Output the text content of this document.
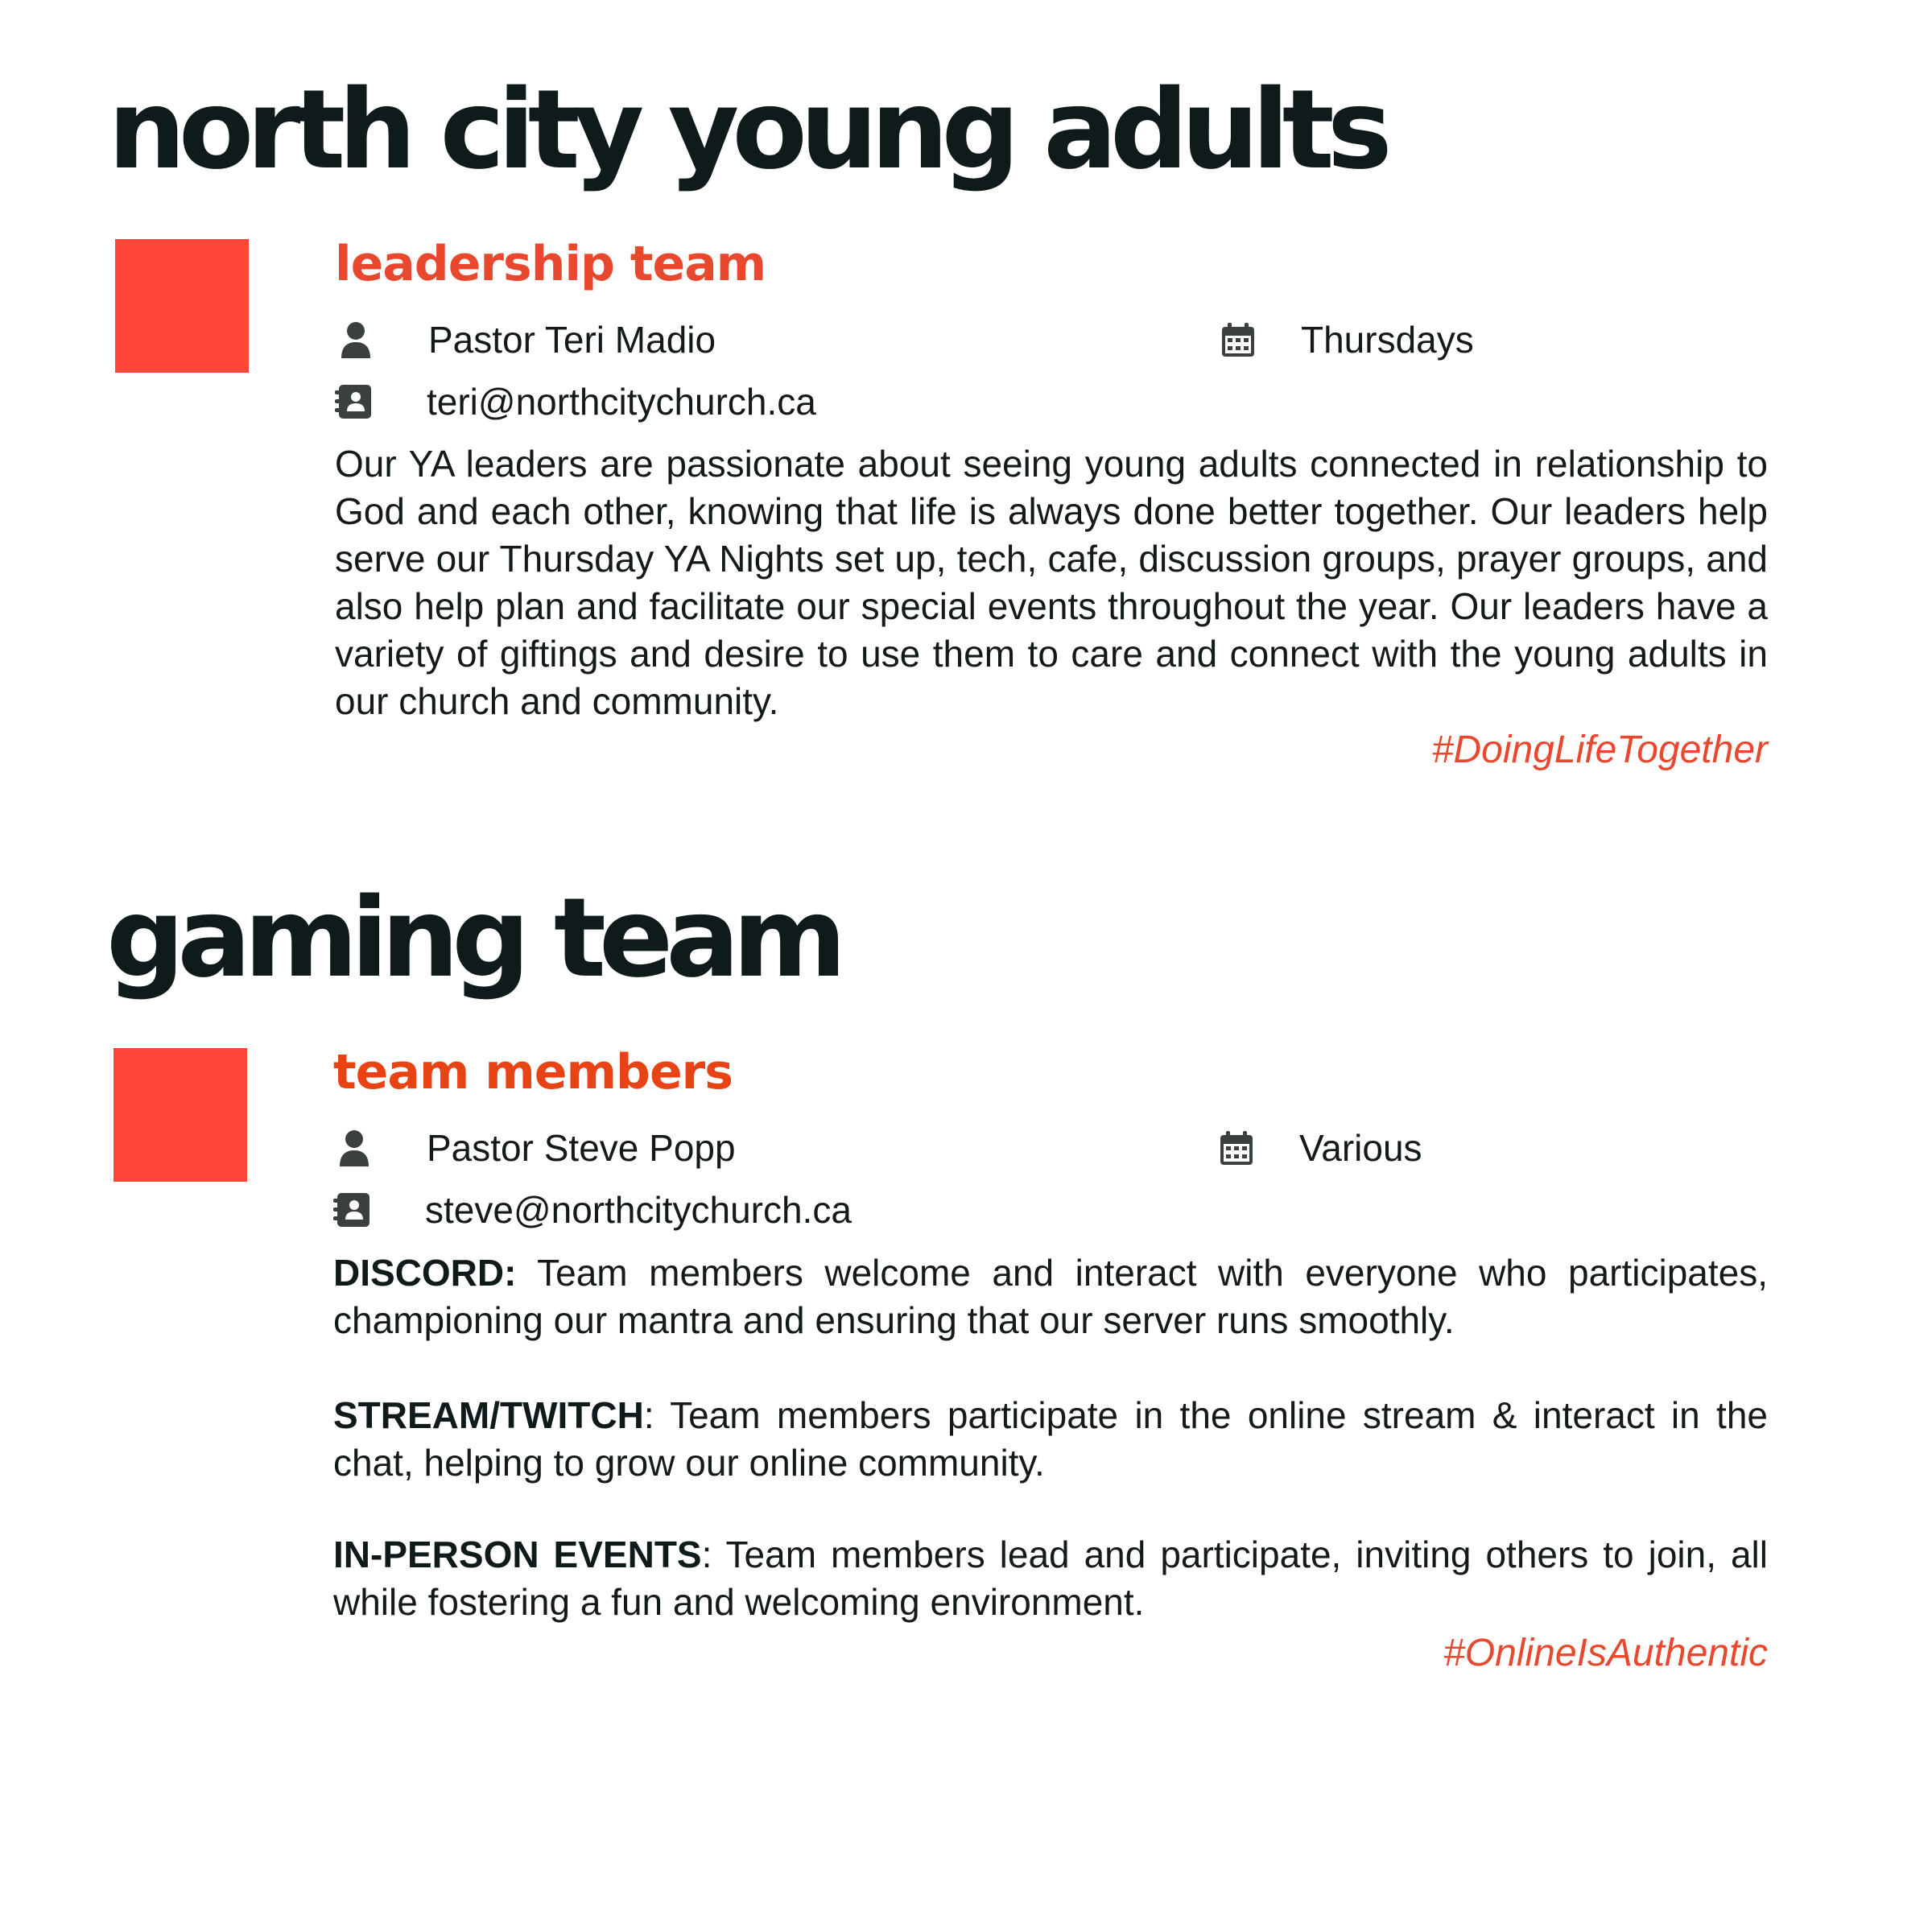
north city young adults
leadership team
Pastor Teri Madio	Thursdays
teri@northcitychurch.ca

Our YA leaders are passionate about seeing young adults connected in relationship to God and each other, knowing that life is always done better together. Our leaders help serve our Thursday YA Nights set up, tech, cafe, discussion groups, prayer groups, and also help plan and facilitate our special events throughout the year. Our leaders have a variety of giftings and desire to use them to care and connect with the young adults in our church and community.

#DoingLifeTogether

gaming team
team members
Pastor Steve Popp	Various
steve@northcitychurch.ca

DISCORD: Team members welcome and interact with everyone who participates, championing our mantra and ensuring that our server runs smoothly.

STREAM/TWITCH: Team members participate in the online stream & interact in the chat, helping to grow our online community.

IN-PERSON EVENTS: Team members lead and participate, inviting others to join, all while fostering a fun and welcoming environment.

#OnlineIsAuthentic
